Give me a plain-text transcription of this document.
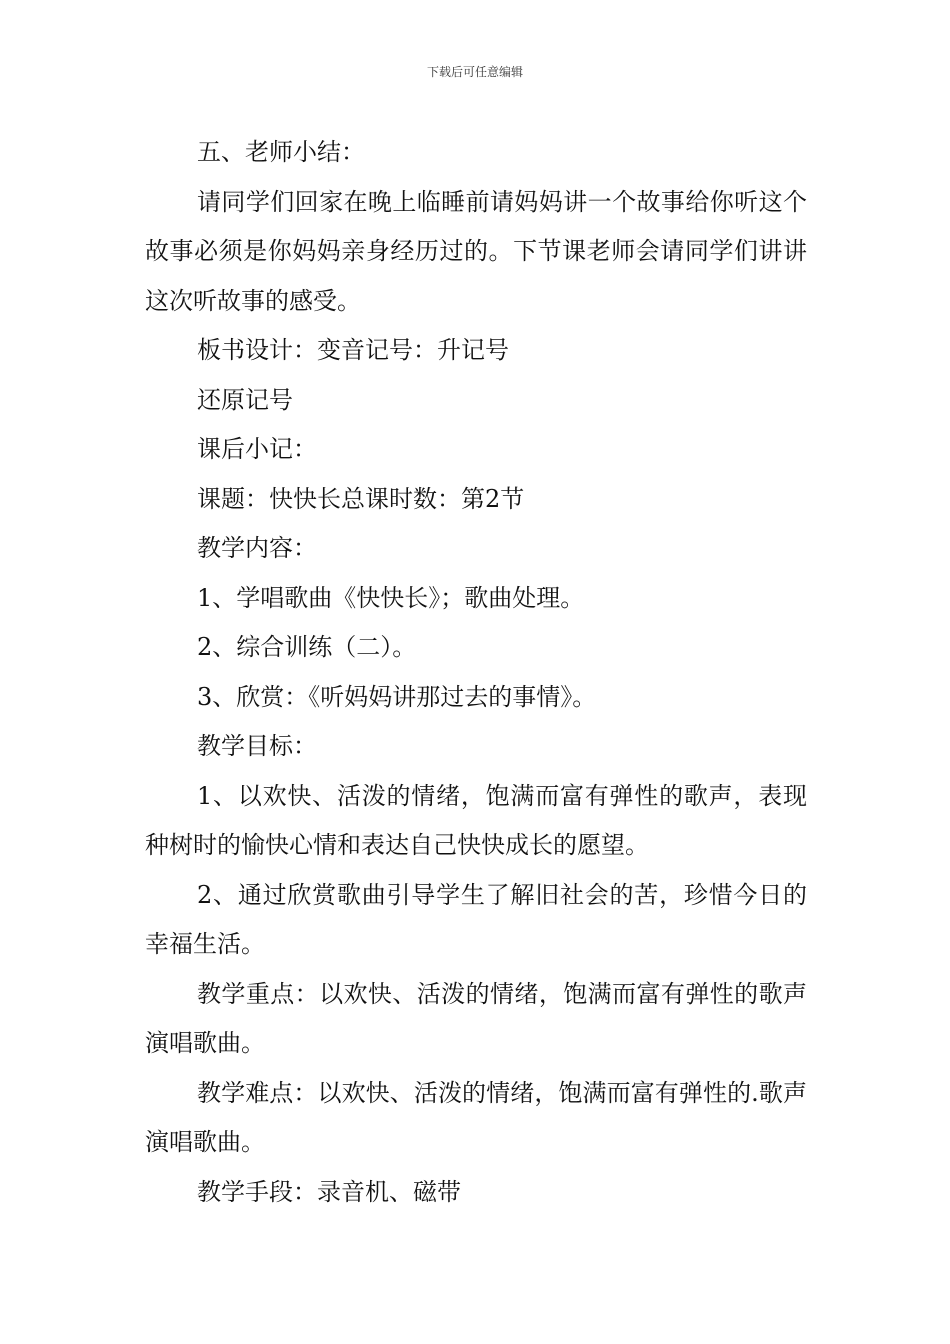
下载后可任意编辑

五、老师小结：

请同学们回家在晚上临睡前请妈妈讲一个故事给你听这个故事必须是你妈妈亲身经历过的。下节课老师会请同学们讲讲这次听故事的感受。

板书设计：变音记号：升记号

还原记号

课后小记：

课题：快快长总课时数：第2节

教学内容：

1、学唱歌曲《快快长》；歌曲处理。

2、综合训练（二）。

3、欣赏：《听妈妈讲那过去的事情》。

教学目标：

1、以欢快、活泼的情绪，饱满而富有弹性的歌声，表现种树时的愉快心情和表达自己快快成长的愿望。

2、通过欣赏歌曲引导学生了解旧社会的苦，珍惜今日的幸福生活。

教学重点：以欢快、活泼的情绪，饱满而富有弹性的歌声演唱歌曲。

教学难点：以欢快、活泼的情绪，饱满而富有弹性的.歌声演唱歌曲。

教学手段：录音机、磁带
